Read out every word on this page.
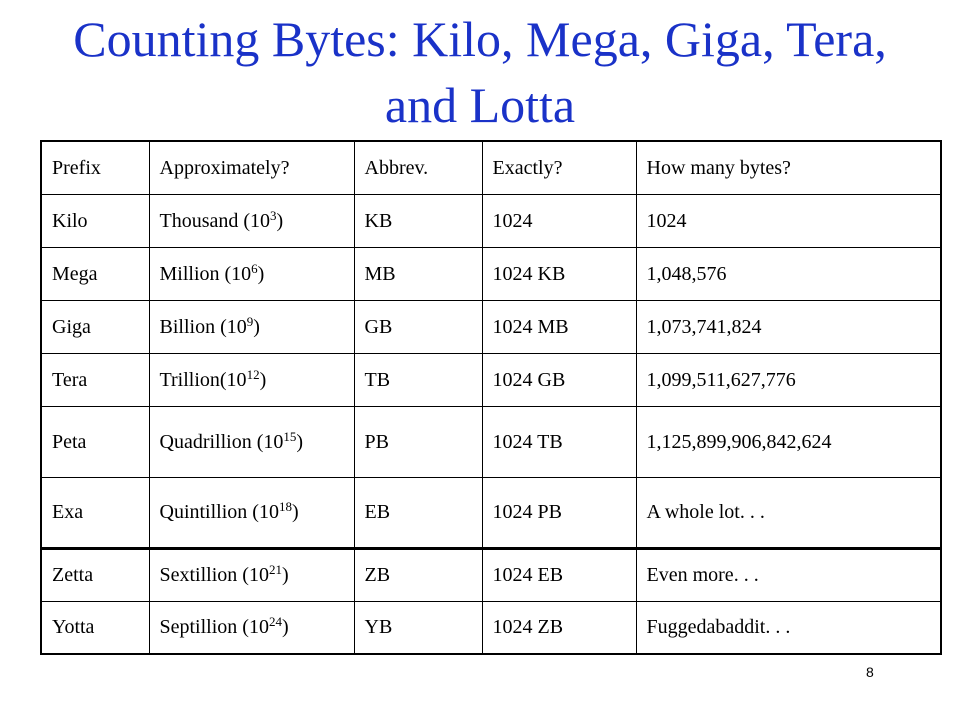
Counting Bytes: Kilo, Mega, Giga, Tera,
and Lotta
Prefix	Approximately?	Abbrev.	Exactly?	How many bytes?
Kilo	Thousand $(10^3)$	KB	1024	1024
Mega	Million $(10^6)$	MB	1024 KB	1,048,576
Giga	Billion $(10^9)$	GB	1024 MB	1,073,741,824
Tera	$Trillion(10^{12})$	TB	1024 GB	1,099,511,627,776
Peta	Quadrillion $(10^{15})$	PB	1024 TB	1,125,899,906,842,624
Exa	Quintillion $(10^{18})$	EB	1024 PB	A whole lot. . .
Zetta	Sextillion $(10^{21})$	ZB	1024 EB	Even more. . .
Yotta	Septillion $(10^{24})$	YB	1024 ZB	Fuggedabaddit. . .
8
